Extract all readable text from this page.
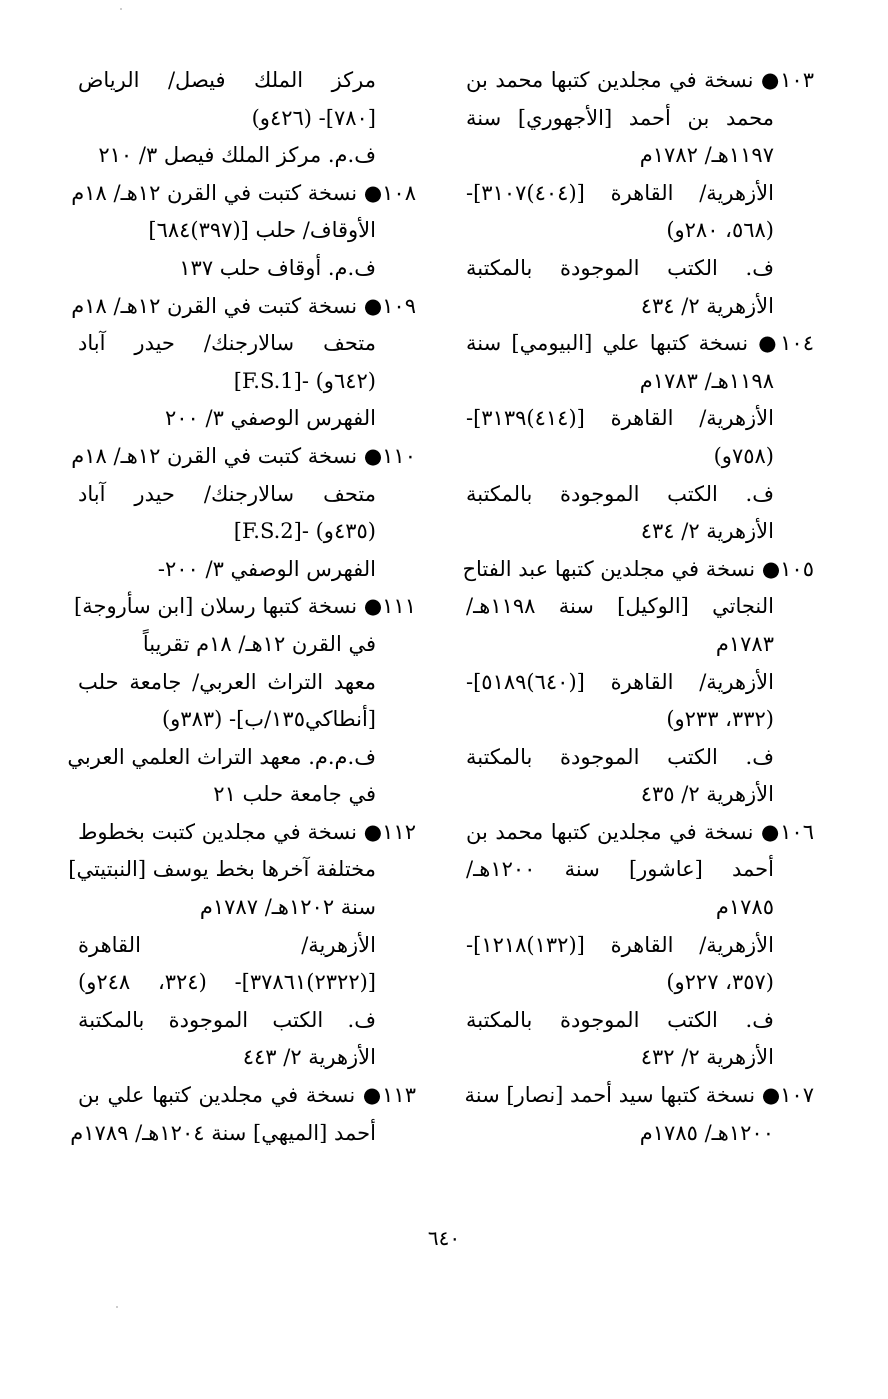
١٠٣● نسخة في مجلدين كتبها محمد بن
محمد بن أحمد [الأجهوري] سنة
١١٩٧هـ/ ١٧٨٢م
الأزهرية/ القاهرة [(٤٠٤)٣١٠٧]-
(٥٦٨، ٢٨٠و)
ف. الكتب الموجودة بالمكتبة
الأزهرية ٢/ ٤٣٤
١٠٤● نسخة كتبها علي [البيومي] سنة
١١٩٨هـ/ ١٧٨٣م
الأزهرية/ القاهرة [(٤١٤)٣١٣٩]-
(٧٥٨و)
ف. الكتب الموجودة بالمكتبة
الأزهرية ٢/ ٤٣٤
١٠٥● نسخة في مجلدين كتبها عبد الفتاح
النجاتي [الوكيل] سنة ١١٩٨هـ/
١٧٨٣م
الأزهرية/ القاهرة [(٦٤٠)٥١٨٩]-
(٣٣٢، ٢٣٣و)
ف. الكتب الموجودة بالمكتبة
الأزهرية ٢/ ٤٣٥
١٠٦● نسخة في مجلدين كتبها محمد بن
أحمد [عاشور] سنة ١٢٠٠هـ/
١٧٨٥م
الأزهرية/ القاهرة [(١٣٢)١٢١٨]-
(٣٥٧، ٢٢٧و)
ف. الكتب الموجودة بالمكتبة
الأزهرية ٢/ ٤٣٢
١٠٧● نسخة كتبها سيد أحمد [نصار] سنة
١٢٠٠هـ/ ١٧٨٥م
مركز الملك فيصل/ الرياض
[٧٨٠]- (٤٢٦و)
ف.م. مركز الملك فيصل ٣/ ٢١٠
١٠٨● نسخة كتبت في القرن ١٢هـ/ ١٨م
الأوقاف/ حلب [(٣٩٧)٦٨٤]
ف.م. أوقاف حلب ١٣٧
١٠٩● نسخة كتبت في القرن ١٢هـ/ ١٨م
متحف سالارجنك/ حيدر آباد
[F.S.1]- (٦٤٢و)
الفهرس الوصفي ٣/ ٢٠٠
١١٠● نسخة كتبت في القرن ١٢هـ/ ١٨م
متحف سالارجنك/ حيدر آباد
[F.S.2]- (٤٣٥و)
الفهرس الوصفي ٣/ ٢٠٠-
١١١● نسخة كتبها رسلان [ابن سأروجة]
في القرن ١٢هـ/ ١٨م تقريباً
معهد التراث العربي/ جامعة حلب
[أنطاكي١٣٥/ب]- (٣٨٣و)
ف.م.م. معهد التراث العلمي العربي
في جامعة حلب ٢١
١١٢● نسخة في مجلدين كتبت بخطوط
مختلفة آخرها بخط يوسف [النبتيتي]
سنة ١٢٠٢هـ/ ١٧٨٧م
الأزهرية/ القاهرة
[(٢٣٢٢)٣٧٨٦١]- (٣٢٤، ٢٤٨و)
ف. الكتب الموجودة بالمكتبة
الأزهرية ٢/ ٤٤٣
١١٣● نسخة في مجلدين كتبها علي بن
أحمد [الميهي] سنة ١٢٠٤هـ/ ١٧٨٩م
٦٤٠
